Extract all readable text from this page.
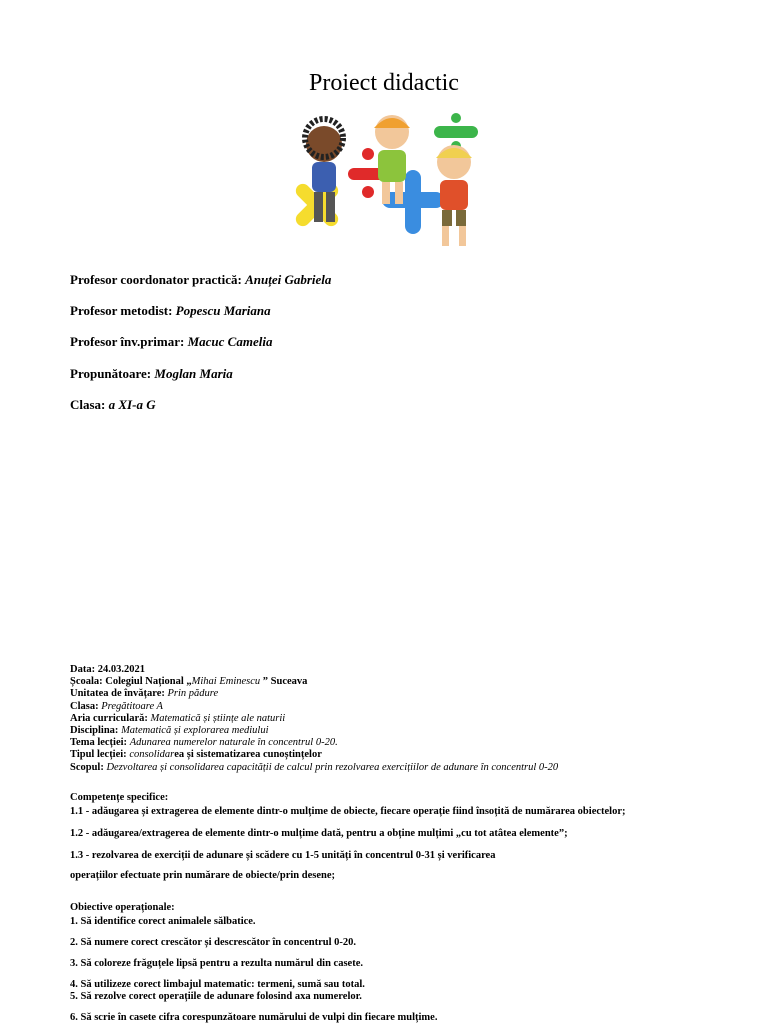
Proiect didactic
Profesor coordonator practică: Anuței Gabriela
Profesor metodist: Popescu Mariana
Profesor înv.primar: Macuc Camelia
Propunătoare: Moglan Maria
Clasa: a XI-a G
Data: 24.03.2021
Școala: Colegiul Național „Mihai Eminescu ” Suceava
Unitatea de învățare: Prin pădure
Clasa: Pregătitoare A
Aria curriculară: Matematică și științe ale naturii
Disciplina: Matematică și explorarea mediului
Tema lecției: Adunarea numerelor naturale în concentrul 0-20.
Tipul lecției: consolidarea și sistematizarea cunoștințelor
Scopul: Dezvoltarea și consolidarea capacității de calcul prin rezolvarea exercițiilor de adunare în concentrul 0-20
Competențe specifice:
1.1 - adăugarea și extragerea de elemente dintr-o mulțime de obiecte, fiecare operație fiind însoțită de numărarea obiectelor;
1.2 - adăugarea/extragerea de elemente dintr-o mulțime dată, pentru a obține mulțimi „cu tot atâtea elemente”;
1.3 - rezolvarea de exerciții de adunare și scădere cu 1-5 unități în concentrul 0-31 și verificarea
operațiilor efectuate prin numărare de obiecte/prin desene;
Obiective operaționale:
1. Să identifice corect animalele sălbatice.
2. Să numere corect crescător și descrescător în concentrul 0-20.
3. Să coloreze frăguțele lipsă pentru a rezulta numărul din casete.
4. Să utilizeze corect limbajul matematic: termeni, sumă sau total.
5. Să rezolve corect operațiile de adunare folosind axa numerelor.
6. Să scrie în casete cifra corespunzătoare numărului de vulpi din fiecare mulțime.
